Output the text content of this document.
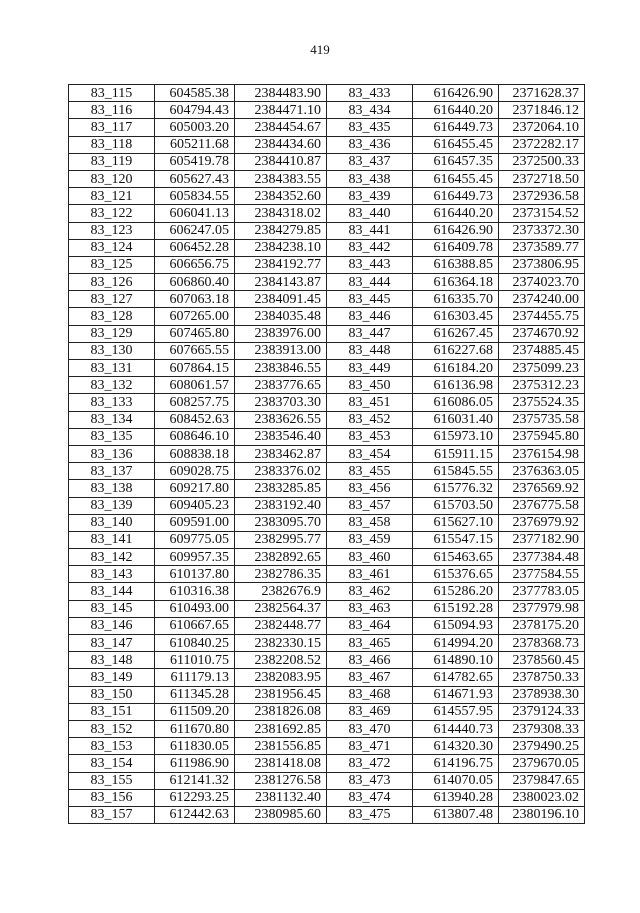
419
83_115	604585.38	2384483.90	83_433	616426.90	2371628.37
83_116	604794.43	2384471.10	83_434	616440.20	2371846.12
83_117	605003.20	2384454.67	83_435	616449.73	2372064.10
83_118	605211.68	2384434.60	83_436	616455.45	2372282.17
83_119	605419.78	2384410.87	83_437	616457.35	2372500.33
83_120	605627.43	2384383.55	83_438	616455.45	2372718.50
83_121	605834.55	2384352.60	83_439	616449.73	2372936.58
83_122	606041.13	2384318.02	83_440	616440.20	2373154.52
83_123	606247.05	2384279.85	83_441	616426.90	2373372.30
83_124	606452.28	2384238.10	83_442	616409.78	2373589.77
83_125	606656.75	2384192.77	83_443	616388.85	2373806.95
83_126	606860.40	2384143.87	83_444	616364.18	2374023.70
83_127	607063.18	2384091.45	83_445	616335.70	2374240.00
83_128	607265.00	2384035.48	83_446	616303.45	2374455.75
83_129	607465.80	2383976.00	83_447	616267.45	2374670.92
83_130	607665.55	2383913.00	83_448	616227.68	2374885.45
83_131	607864.15	2383846.55	83_449	616184.20	2375099.23
83_132	608061.57	2383776.65	83_450	616136.98	2375312.23
83_133	608257.75	2383703.30	83_451	616086.05	2375524.35
83_134	608452.63	2383626.55	83_452	616031.40	2375735.58
83_135	608646.10	2383546.40	83_453	615973.10	2375945.80
83_136	608838.18	2383462.87	83_454	615911.15	2376154.98
83_137	609028.75	2383376.02	83_455	615845.55	2376363.05
83_138	609217.80	2383285.85	83_456	615776.32	2376569.92
83_139	609405.23	2383192.40	83_457	615703.50	2376775.58
83_140	609591.00	2383095.70	83_458	615627.10	2376979.92
83_141	609775.05	2382995.77	83_459	615547.15	2377182.90
83_142	609957.35	2382892.65	83_460	615463.65	2377384.48
83_143	610137.80	2382786.35	83_461	615376.65	2377584.55
83_144	610316.38	2382676.9	83_462	615286.20	2377783.05
83_145	610493.00	2382564.37	83_463	615192.28	2377979.98
83_146	610667.65	2382448.77	83_464	615094.93	2378175.20
83_147	610840.25	2382330.15	83_465	614994.20	2378368.73
83_148	611010.75	2382208.52	83_466	614890.10	2378560.45
83_149	611179.13	2382083.95	83_467	614782.65	2378750.33
83_150	611345.28	2381956.45	83_468	614671.93	2378938.30
83_151	611509.20	2381826.08	83_469	614557.95	2379124.33
83_152	611670.80	2381692.85	83_470	614440.73	2379308.33
83_153	611830.05	2381556.85	83_471	614320.30	2379490.25
83_154	611986.90	2381418.08	83_472	614196.75	2379670.05
83_155	612141.32	2381276.58	83_473	614070.05	2379847.65
83_156	612293.25	2381132.40	83_474	613940.28	2380023.02
83_157	612442.63	2380985.60	83_475	613807.48	2380196.10
